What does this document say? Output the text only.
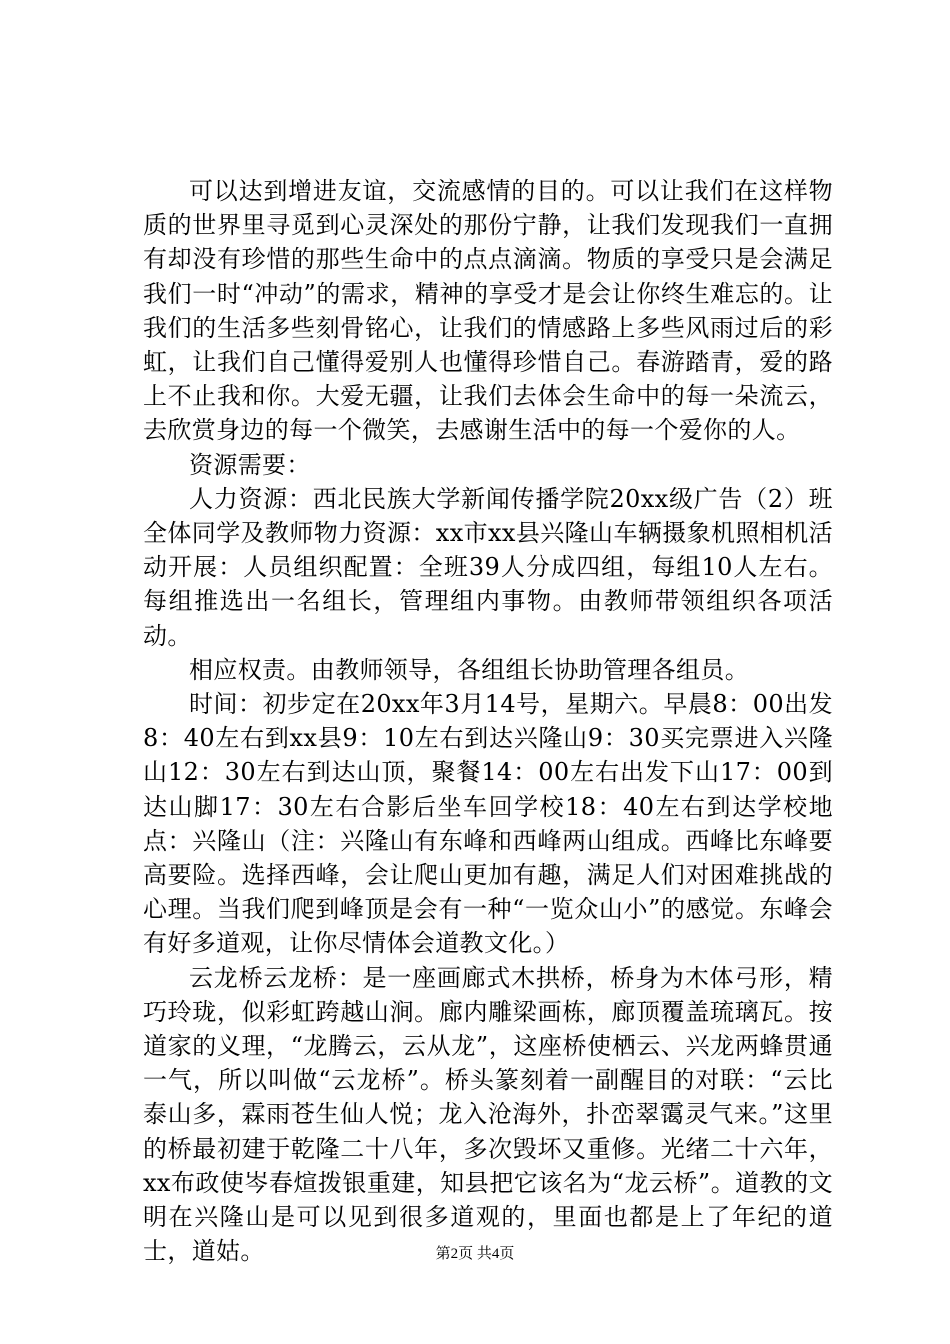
可以达到增进友谊，交流感情的目的。可以让我们在这样物质的世界里寻觅到心灵深处的那份宁静，让我们发现我们一直拥有却没有珍惜的那些生命中的点点滴滴。物质的享受只是会满足我们一时“冲动”的需求，精神的享受才是会让你终生难忘的。让我们的生活多些刻骨铭心，让我们的情感路上多些风雨过后的彩虹，让我们自己懂得爱别人也懂得珍惜自己。春游踏青，爱的路上不止我和你。大爱无疆，让我们去体会生命中的每一朵流云，去欣赏身边的每一个微笑，去感谢生活中的每一个爱你的人。

资源需要：

人力资源：西北民族大学新闻传播学院20xx级广告（2）班全体同学及教师物力资源：xx市xx县兴隆山车辆摄象机照相机活动开展：人员组织配置：全班39人分成四组，每组10人左右。每组推选出一名组长，管理组内事物。由教师带领组织各项活动。

相应权责。由教师领导，各组组长协助管理各组员。

时间：初步定在20xx年3月14号，星期六。早晨8：00出发8：40左右到xx县9：10左右到达兴隆山9：30买完票进入兴隆山12：30左右到达山顶，聚餐14：00左右出发下山17：00到达山脚17：30左右合影后坐车回学校18：40左右到达学校地点：兴隆山（注：兴隆山有东峰和西峰两山组成。西峰比东峰要高要险。选择西峰，会让爬山更加有趣，满足人们对困难挑战的心理。当我们爬到峰顶是会有一种“一览众山小”的感觉。东峰会有好多道观，让你尽情体会道教文化。）

云龙桥云龙桥：是一座画廊式木拱桥，桥身为木体弓形，精巧玲珑，似彩虹跨越山涧。廊内雕梁画栋，廊顶覆盖琉璃瓦。按道家的义理，“龙腾云，云从龙”，这座桥使栖云、兴龙两蜂贯通一气，所以叫做“云龙桥”。桥头篆刻着一副醒目的对联：“云比泰山多，霖雨苍生仙人悦；龙入沧海外，扑峦翠霭灵气来。”这里的桥最初建于乾隆二十八年，多次毁坏又重修。光绪二十六年，xx布政使岑春煊拨银重建，知县把它该名为“龙云桥”。道教的文明在兴隆山是可以见到很多道观的，里面也都是上了年纪的道士，道姑。	第2页 共4页
